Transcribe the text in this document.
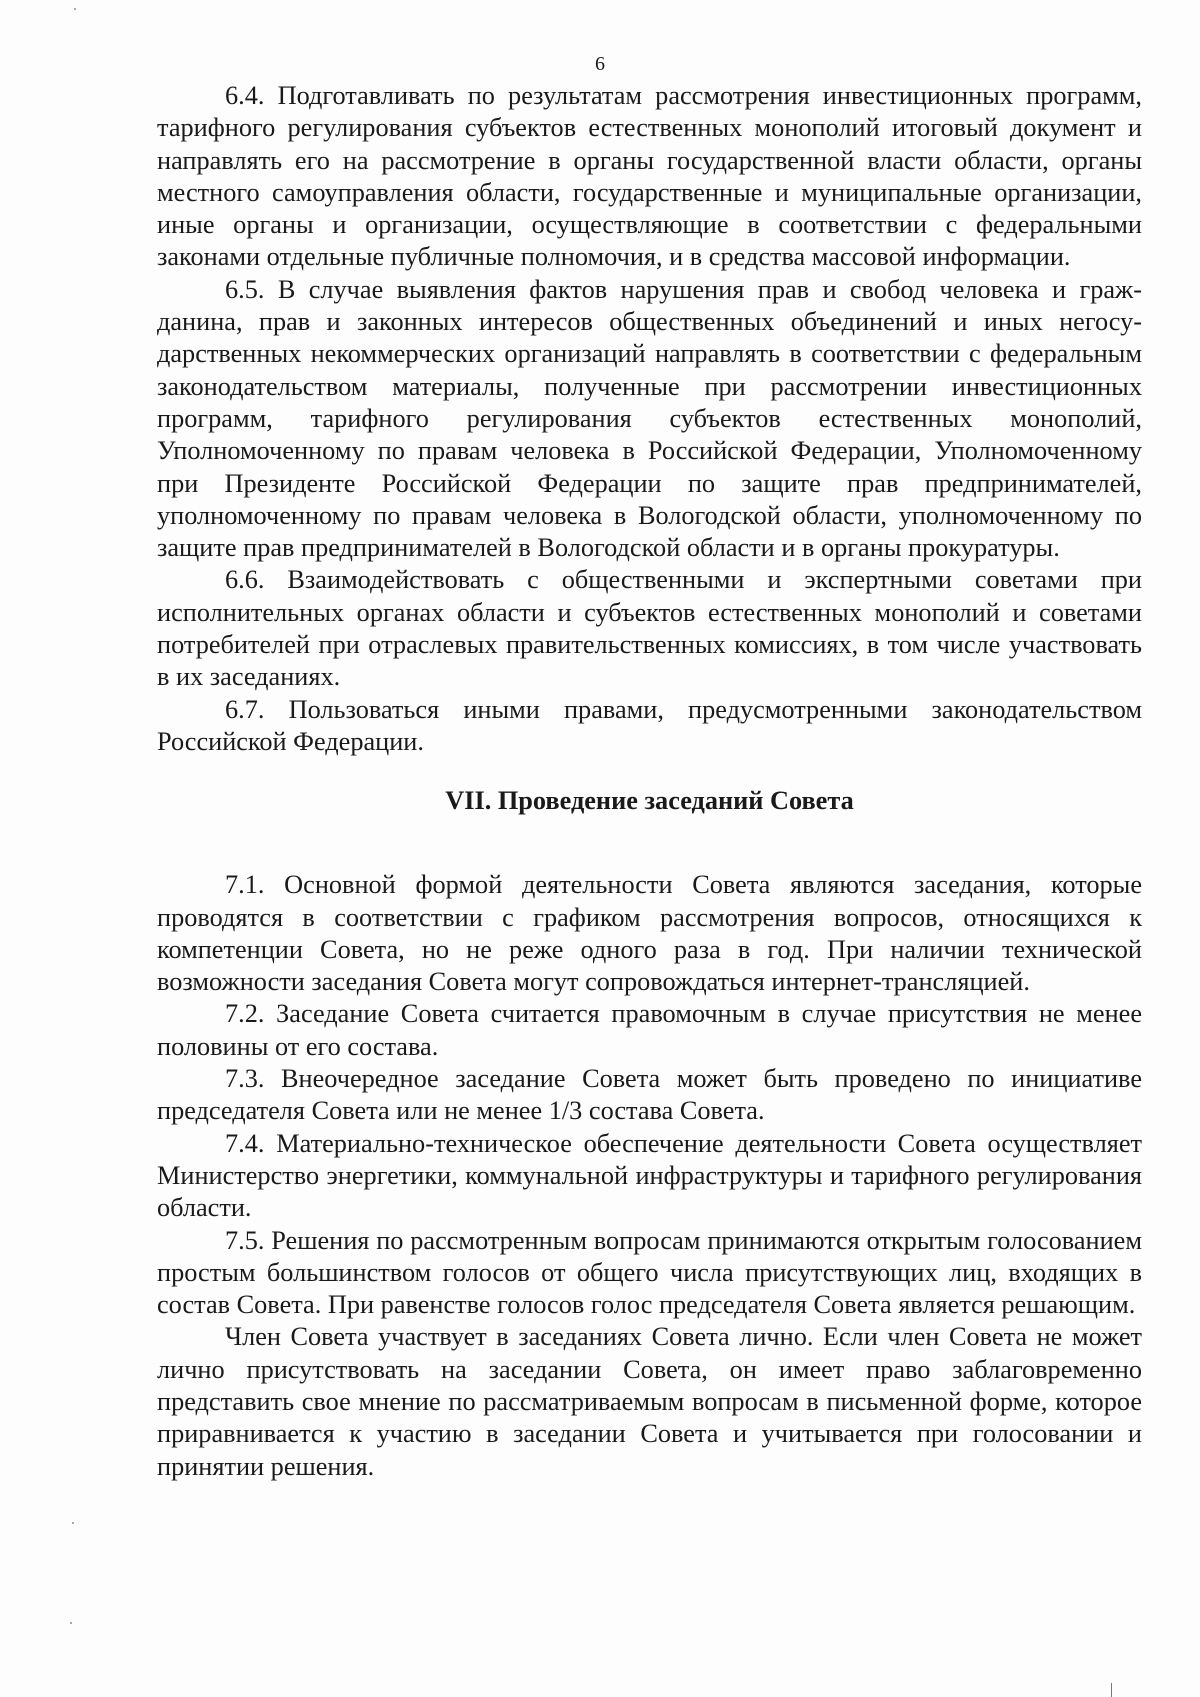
6

6.4. Подготавливать по результатам рассмотрения инвестиционных программ, тарифного регулирования субъектов естественных монополий итоговый документ и направлять его на рассмотрение в органы государственной власти области, органы местного самоуправления области, государственные и муниципальные организации, иные органы и организации, осуществляющие в соответствии с федеральными законами отдельные публичные полномочия, и в средства массовой информации.

6.5. В случае выявления фактов нарушения прав и свобод человека и гражданина, прав и законных интересов общественных объединений и иных негосударственных некоммерческих организаций направлять в соответствии с федеральным законодательством материалы, полученные при рассмотрении инвестиционных программ, тарифного регулирования субъектов естественных монополий, Уполномоченному по правам человека в Российской Федерации, Уполномоченному при Президенте Российской Федерации по защите прав предпринимателей, уполномоченному по правам человека в Вологодской области, уполномоченному по защите прав предпринимателей в Вологодской области и в органы прокуратуры.

6.6. Взаимодействовать с общественными и экспертными советами при исполнительных органах области и субъектов естественных монополий и советами потребителей при отраслевых правительственных комиссиях, в том числе участвовать в их заседаниях.

6.7. Пользоваться иными правами, предусмотренными законодательством Российской Федерации.

VII. Проведение заседаний Совета

7.1. Основной формой деятельности Совета являются заседания, которые проводятся в соответствии с графиком рассмотрения вопросов, относящихся к компетенции Совета, но не реже одного раза в год. При наличии технической возможности заседания Совета могут сопровождаться интернет-трансляцией.

7.2. Заседание Совета считается правомочным в случае присутствия не менее половины от его состава.

7.3. Внеочередное заседание Совета может быть проведено по инициативе председателя Совета или не менее 1/3 состава Совета.

7.4. Материально-техническое обеспечение деятельности Совета осуществляет Министерство энергетики, коммунальной инфраструктуры и тарифного регулирования области.

7.5. Решения по рассмотренным вопросам принимаются открытым голосованием простым большинством голосов от общего числа присутствующих лиц, входящих в состав Совета. При равенстве голосов голос председателя Совета является решающим.

Член Совета участвует в заседаниях Совета лично. Если член Совета не может лично присутствовать на заседании Совета, он имеет право заблаговременно представить свое мнение по рассматриваемым вопросам в письменной форме, которое приравнивается к участию в заседании Совета и учитывается при голосовании и принятии решения.
